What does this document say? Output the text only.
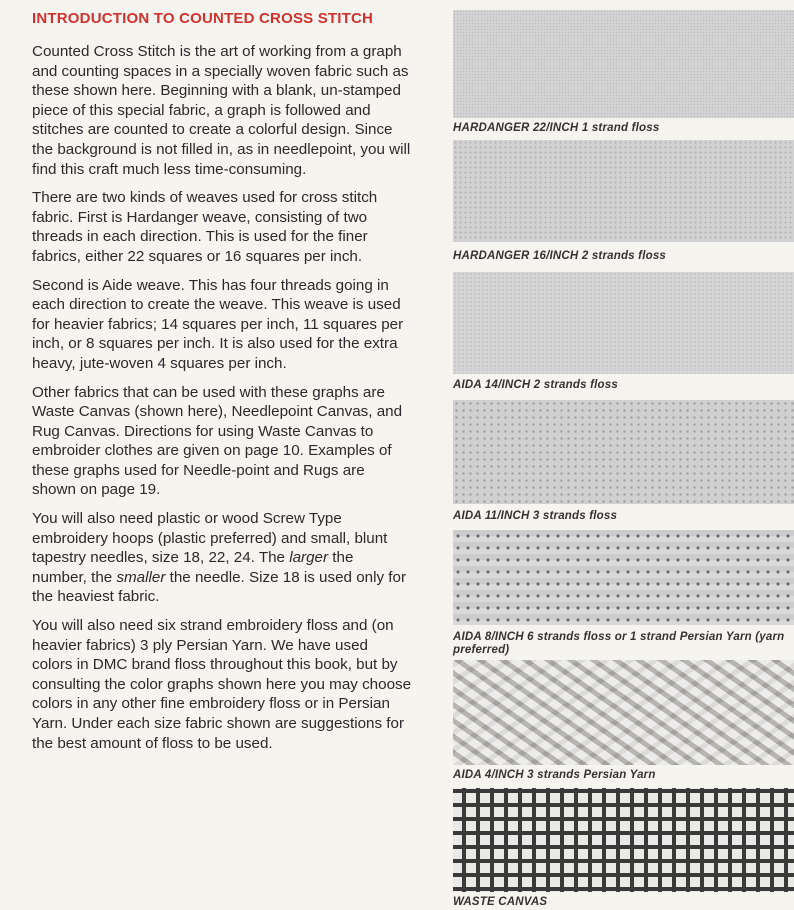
INTRODUCTION TO COUNTED CROSS STITCH

Counted Cross Stitch is the art of working from a graph and counting spaces in a specially woven fabric such as these shown here. Beginning with a blank, un-stamped piece of this special fabric, a graph is followed and stitches are counted to create a colorful design. Since the background is not filled in, as in needlepoint, you will find this craft much less time-consuming.

There are two kinds of weaves used for cross stitch fabric. First is Hardanger weave, consisting of two threads in each direction. This is used for the finer fabrics, either 22 squares or 16 squares per inch.

Second is Aide weave. This has four threads going in each direction to create the weave. This weave is used for heavier fabrics; 14 squares per inch, 11 squares per inch, or 8 squares per inch. It is also used for the extra heavy, jute-woven 4 squares per inch.

Other fabrics that can be used with these graphs are Waste Canvas (shown here), Needlepoint Canvas, and Rug Canvas. Directions for using Waste Canvas to embroider clothes are given on page 10. Examples of these graphs used for Needle-point and Rugs are shown on page 19.

You will also need plastic or wood Screw Type embroidery hoops (plastic preferred) and small, blunt tapestry needles, size 18, 22, 24. The larger the number, the smaller the needle. Size 18 is used only for the heaviest fabric.

You will also need six strand embroidery floss and (on heavier fabrics) 3 ply Persian Yarn. We have used colors in DMC brand floss throughout this book, but by consulting the color graphs shown here you may choose colors in any other fine embroidery floss or in Persian Yarn. Under each size fabric shown are suggestions for the best amount of floss to be used.

HARDANGER 22/INCH 1 strand floss
HARDANGER 16/INCH 2 strands floss
AIDA 14/INCH 2 strands floss
AIDA 11/INCH 3 strands floss
AIDA 8/INCH 6 strands floss or 1 strand Persian Yarn (yarn preferred)
AIDA 4/INCH 3 strands Persian Yarn
WASTE CANVAS
